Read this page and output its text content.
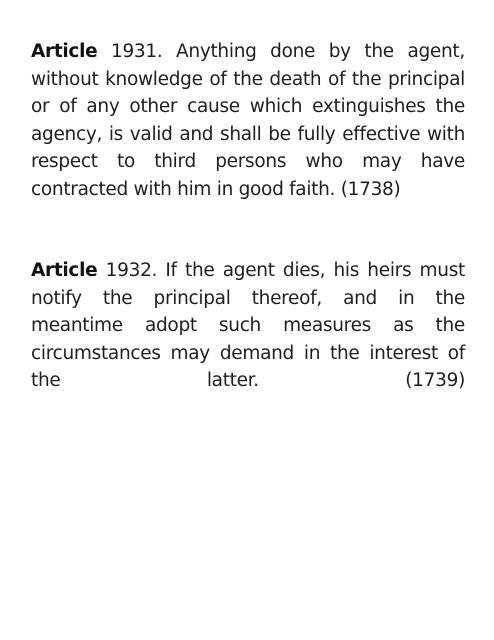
Article 1931. Anything done by the agent, without knowledge of the death of the principal or of any other cause which extinguishes the agency, is valid and shall be fully effective with respect to third persons who may have contracted with him in good faith. (1738)

Article 1932. If the agent dies, his heirs must notify the principal thereof, and in the meantime adopt such measures as the circumstances may demand in the interest of the latter. (1739)
